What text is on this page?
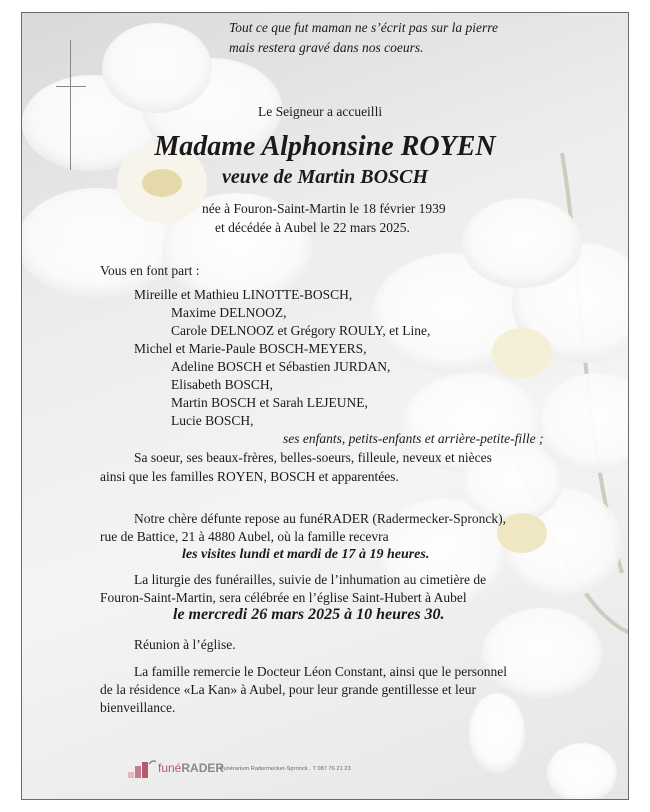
Tout ce que fut maman ne s’écrit pas sur la pierre
mais restera gravé dans nos coeurs.
Le Seigneur a accueilli
Madame Alphonsine ROYEN
veuve de Martin BOSCH
née à Fouron-Saint-Martin le 18 février 1939
et décédée à Aubel le 22 mars 2025.
Vous en font part :
Mireille et Mathieu LINOTTE-BOSCH,
Maxime DELNOOZ,
Carole DELNOOZ et Grégory ROULY, et Line,
Michel et Marie-Paule BOSCH-MEYERS,
Adeline BOSCH et Sébastien JURDAN,
Elisabeth BOSCH,
Martin BOSCH et Sarah LEJEUNE,
Lucie BOSCH,
ses enfants, petits-enfants et arrière-petite-fille ;
Sa soeur, ses beaux-frères, belles-soeurs, filleule, neveux et nièces
ainsi que les familles ROYEN, BOSCH et apparentées.
Notre chère défunte repose au funéRADER (Radermecker-Spronck),
rue de Battice, 21 à 4880 Aubel, où la famille recevra
les visites lundi et mardi de 17 à 19 heures.
La liturgie des funérailles, suivie de l’inhumation au cimetière de
Fouron-Saint-Martin, sera célébrée en l’église Saint-Hubert à Aubel
le mercredi 26 mars 2025 à 10 heures 30.
Réunion à l’église.
La famille remercie le Docteur Léon Constant, ainsi que le personnel
de la résidence «La Kan» à Aubel, pour leur grande gentillesse et leur
bienveillance.
funéRADER
Funérarium Radermecker-Spronck . T 087 76 21 23
